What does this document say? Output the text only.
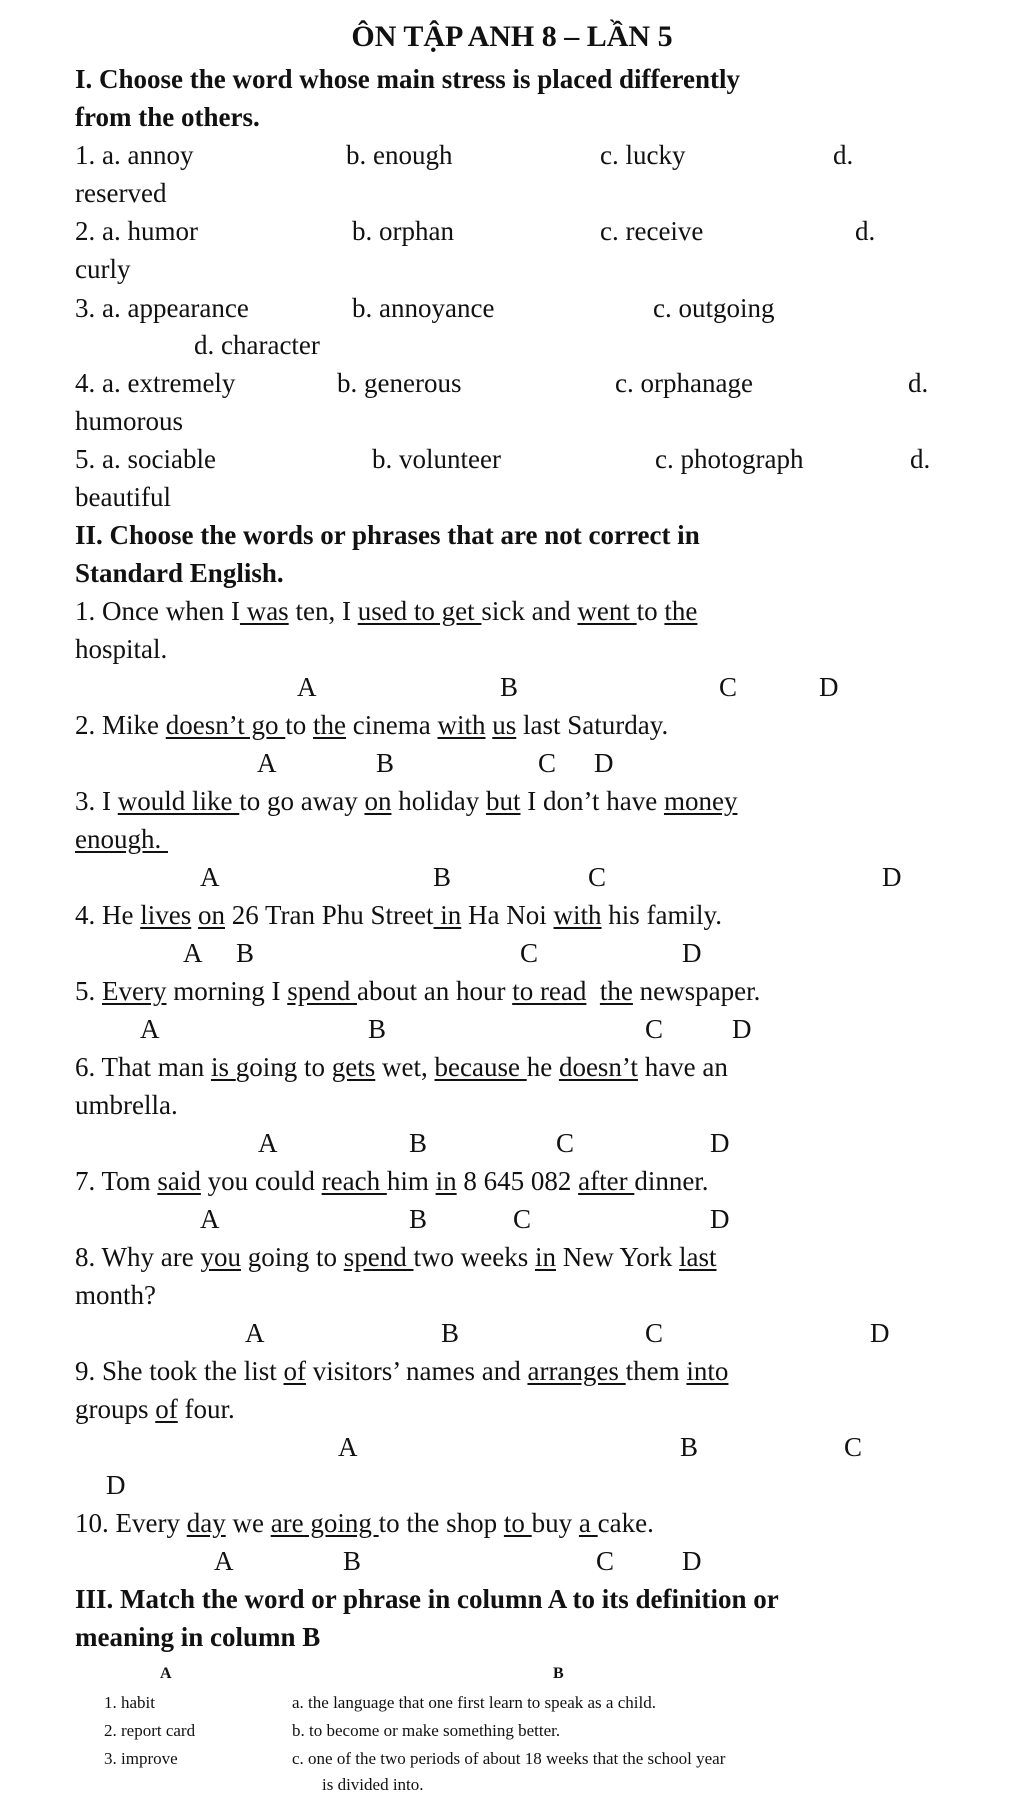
ÔN TẬP ANH 8 – LẦN 5
I. Choose the word whose main stress is placed differently
from the others.
1. a. annoy	b. enough	c. lucky	d.
reserved
2. a. humor	b. orphan	c. receive	d.
curly
3. a. appearance	b. annoyance	c. outgoing
d. character
4. a. extremely	b. generous	c. orphanage	d.
humorous
5. a. sociable	b. volunteer	c. photograph	d.
beautiful
II. Choose the words or phrases that are not correct in
Standard English.
1. Once when I was ten, I used to get sick and went to the
hospital.
A	B	C	D
2. Mike doesn’t go to the cinema with us last Saturday.
A	B	C D
3. I would like to go away on holiday but I don’t have money
enough.
A	B	C	D
4. He lives on 26 Tran Phu Street in Ha Noi with his family.
A B	C	D
5. Every morning I spend about an hour to read the newspaper.
A	B	C	D
6. That man is going to gets wet, because he doesn’t have an
umbrella.
A	B	C	D
7. Tom said you could reach him in 8 645 082 after dinner.
A	B	C	D
8. Why are you going to spend two weeks in New York last
month?
A	B	C	D
9. She took the list of visitors’ names and arranges them into
groups of four.
A	B	C
D
10. Every day we are going to the shop to buy a cake.
A	B	C	D
III. Match the word or phrase in column A to its definition or
meaning in column B
A	B
1. habit	a. the language that one first learn to speak as a child.
2. report card	b. to become or make something better.
3. improve	c. one of the two periods of about 18 weeks that the school year
is divided into.
